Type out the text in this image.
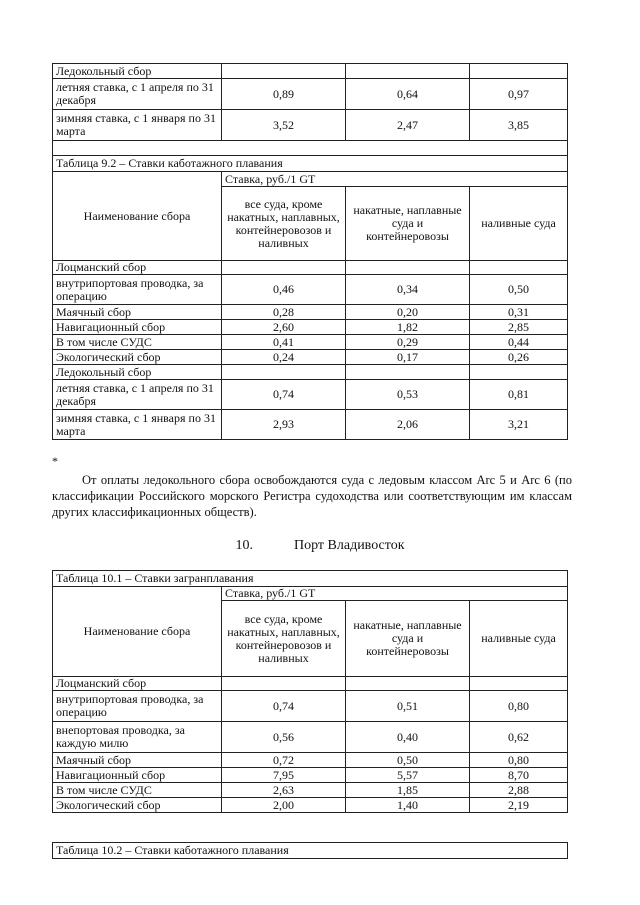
Ледокольный сбор			
летняя ставка, с 1 апреля по 31 декабря	0,89	0,64	0,97
зимняя ставка, с 1 января по 31 марта	3,52	2,47	3,85

Таблица 9.2 – Ставки каботажного плавания			
Наименование сбора	Ставка, руб./1 GT		
	все суда, кроме накатных, наплавных, контейнеровозов и наливных	накатные, наплавные суда и контейнеровозы	наливные суда
Лоцманский сбор			
внутрипортовая проводка, за операцию	0,46	0,34	0,50
Маячный сбор	0,28	0,20	0,31
Навигационный сбор	2,60	1,82	2,85
В том числе СУДС	0,41	0,29	0,44
Экологический сбор	0,24	0,17	0,26
Ледокольный сбор			
летняя ставка, с 1 апреля по 31 декабря	0,74	0,53	0,81
зимняя ставка, с 1 января по 31 марта	2,93	2,06	3,21
*
От оплаты ледокольного сбора освобождаются суда с ледовым классом Arc 5 и Arc 6 (по классификации Российского морского Регистра судоходства или соответствующим им классам других классификационных обществ).
10.	Порт Владивосток
Таблица 10.1 – Ставки загранплавания			
Наименование сбора	Ставка, руб./1 GT		
	все суда, кроме накатных, наплавных, контейнеровозов и наливных	накатные, наплавные суда и контейнеровозы	наливные суда
Лоцманский сбор			
внутрипортовая проводка, за операцию	0,74	0,51	0,80
внепортовая проводка, за каждую милю	0,56	0,40	0,62
Маячный сбор	0,72	0,50	0,80
Навигационный сбор	7,95	5,57	8,70
В том числе СУДС	2,63	1,85	2,88
Экологический сбор	2,00	1,40	2,19
Таблица 10.2 – Ставки каботажного плавания
